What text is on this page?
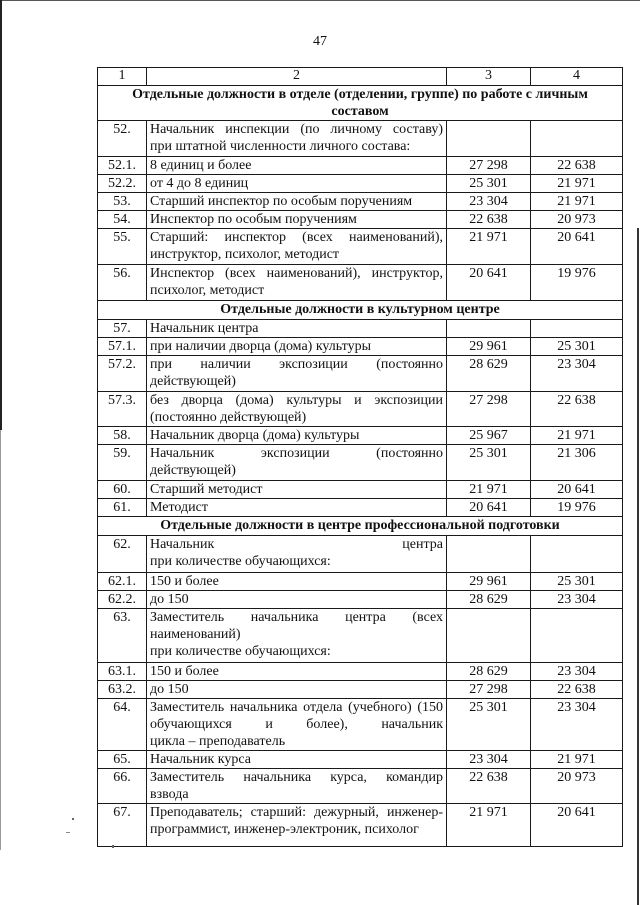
47
1	2	3	4
Отдельные должности в отделе (отделении, группе) по работе с личным составом			
52.	Начальник инспекции (по личному составу)
при штатной численности личного состава:		

52.1.	8 единиц и более	27 298	22 638
52.2.	от 4 до 8 единиц	25 301	21 971
53.	Старший инспектор по особым поручениям	23 304	21 971
54.	Инспектор по особым поручениям	22 638	20 973
55.	Старший: инспектор (всех наименований),
инструктор, психолог, методист	21 971	20 641
56.	Инспектор (всех наименований), инструктор,
психолог, методист	20 641	19 976
Отдельные должности в культурном центре			
57.	Начальник центра		

57.1.	при наличии дворца (дома) культуры	29 961	25 301
57.2.	при наличии экспозиции (постоянно
действующей)	28 629	23 304
57.3.	без дворца (дома) культуры и экспозиции
(постоянно действующей)	27 298	22 638
58.	Начальник дворца (дома) культуры	25 967	21 971
59.	Начальник экспозиции (постоянно
действующей)	25 301	21 306
60.	Старший методист	21 971	20 641
61.	Методист	20 641	19 976
Отдельные должности в центре профессиональной подготовки			
62.	Начальник центра
при количестве обучающихся:		

62.1.	150 и более	29 961	25 301
62.2.	до 150	28 629	23 304
63.	Заместитель начальника центра (всех
наименований)
при количестве обучающихся:		

63.1.	150 и более	28 629	23 304
63.2.	до 150	27 298	22 638
64.	Заместитель начальника отдела (учебного) (150
обучающихся и более), начальник
цикла – преподаватель	25 301	23 304
65.	Начальник курса	23 304	21 971
66.	Заместитель начальника курса, командир
взвода	22 638	20 973
67.	Преподаватель; старший: дежурный, инженер-
программист, инженер-электроник, психолог	21 971	20 641
